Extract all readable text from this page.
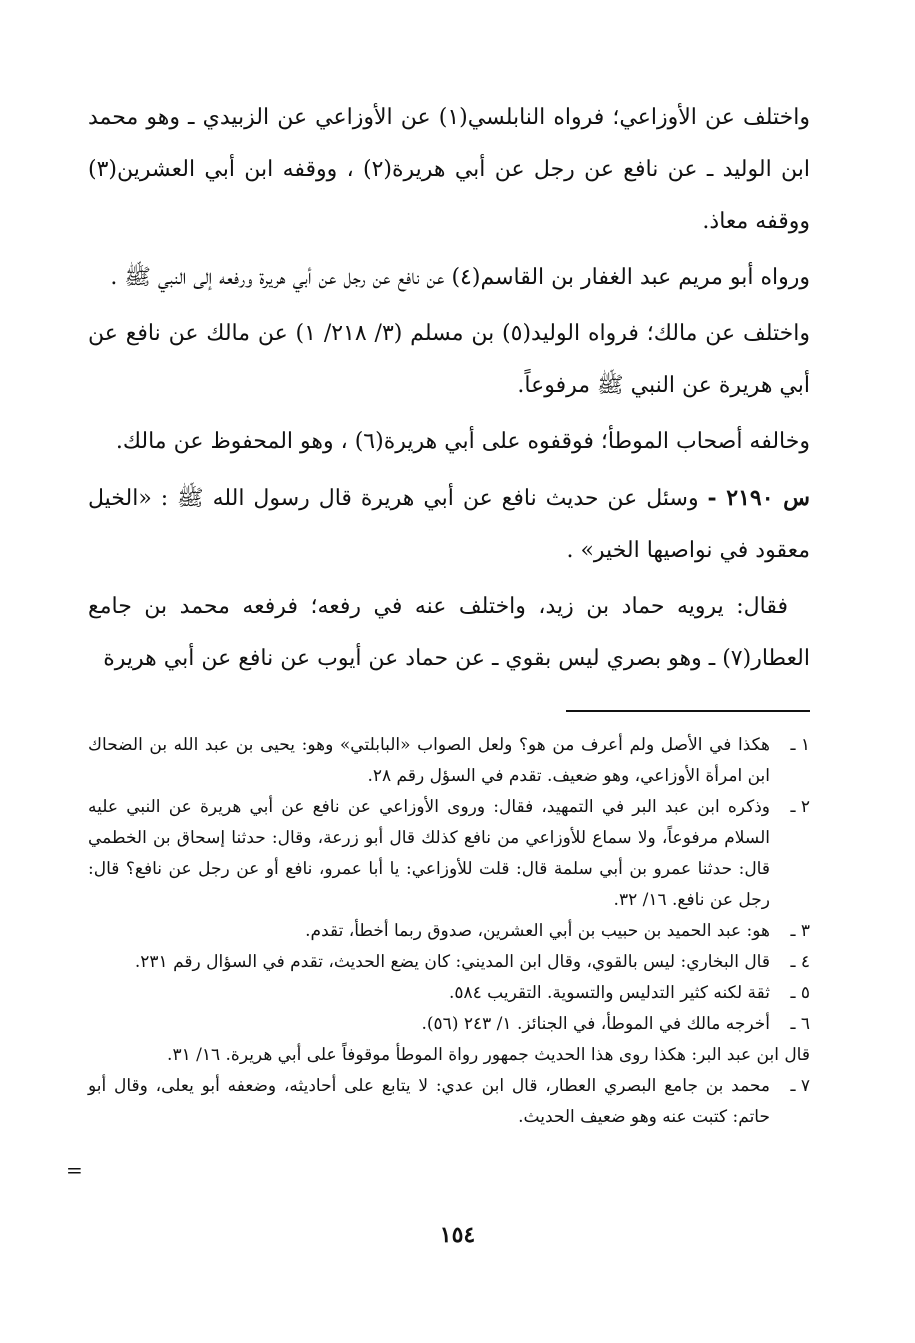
واختلف عن الأوزاعي؛ فرواه النابلسي(١) عن الأوزاعي عن الزبيدي ـ وهو محمد ابن الوليد ـ عن نافع عن رجل عن أبي هريرة(٢) ، ووقفه ابن أبي العشرين(٣) ووقفه معاذ.

ورواه أبو مريم عبد الغفار بن القاسم(٤) عن نافع عن رجل عن أبي هريرة ورفعه إلى النبي ﷺ .

واختلف عن مالك؛ فرواه الوليد(٥) بن مسلم (٣/ ٢١٨/ ١) عن مالك عن نافع عن أبي هريرة عن النبي ﷺ مرفوعاً.

وخالفه أصحاب الموطأ؛ فوقفوه على أبي هريرة(٦) ، وهو المحفوظ عن مالك.

س ٢١٩٠ - وسئل عن حديث نافع عن أبي هريرة قال رسول الله ﷺ : «الخيل معقود في نواصيها الخير» .

فقال: يرويه حماد بن زيد، واختلف عنه في رفعه؛ فرفعه محمد بن جامع العطار(٧) ـ وهو بصري ليس بقوي ـ عن حماد عن أيوب عن نافع عن أبي هريرة

١ ـ
هكذا في الأصل ولم أعرف من هو؟ ولعل الصواب «البابلتي» وهو: يحيى بن عبد الله بن الضحاك ابن امرأة الأوزاعي، وهو ضعيف. تقدم في السؤل رقم ٢٨.
٢ ـ
وذكره ابن عبد البر في التمهيد، فقال: وروى الأوزاعي عن نافع عن أبي هريرة عن النبي عليه السلام مرفوعاً، ولا سماع للأوزاعي من نافع كذلك قال أبو زرعة، وقال: حدثنا إسحاق بن الخطمي قال: حدثنا عمرو بن أبي سلمة قال: قلت للأوزاعي: يا أبا عمرو، نافع أو عن رجل عن نافع؟ قال: رجل عن نافع. ١٦/ ٣٢.
٣ ـ
هو: عبد الحميد بن حبيب بن أبي العشرين، صدوق ربما أخطأ، تقدم.
٤ ـ
قال البخاري: ليس بالقوي، وقال ابن المديني: كان يضع الحديث، تقدم في السؤال رقم ٢٣١.
٥ ـ
ثقة لكنه كثير التدليس والتسوية. التقريب ٥٨٤.
٦ ـ
أخرجه مالك في الموطأ، في الجنائز. ١/ ٢٤٣ (٥٦).
قال ابن عبد البر: هكذا روى هذا الحديث جمهور رواة الموطأ موقوفاً على أبي هريرة. ١٦/ ٣١.
٧ ـ
محمد بن جامع البصري العطار، قال ابن عدي: لا يتابع على أحاديثه، وضعفه أبو يعلى، وقال أبو حاتم: كتبت عنه وهو ضعيف الحديث.
=
١٥٤
